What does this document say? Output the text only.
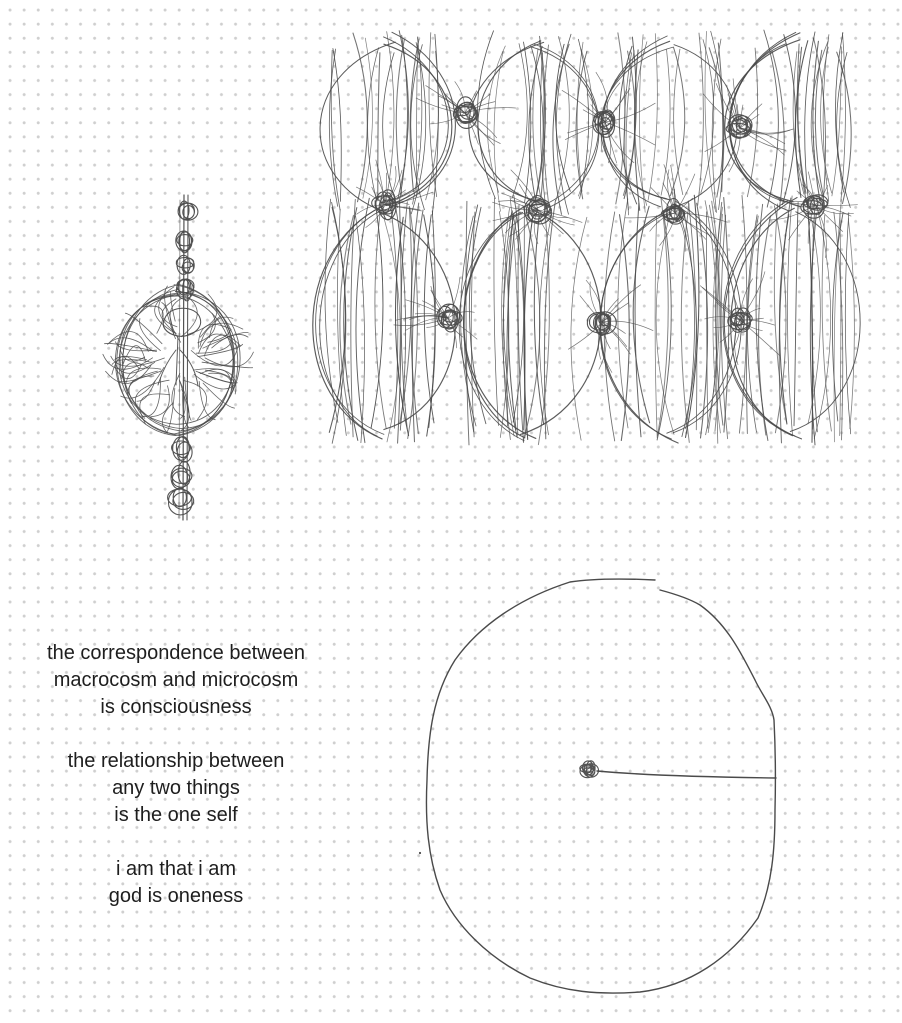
the correspondence between
macrocosm and microcosm
is consciousness
the relationship between
any two things
is the one self
i am that i am
god is oneness
